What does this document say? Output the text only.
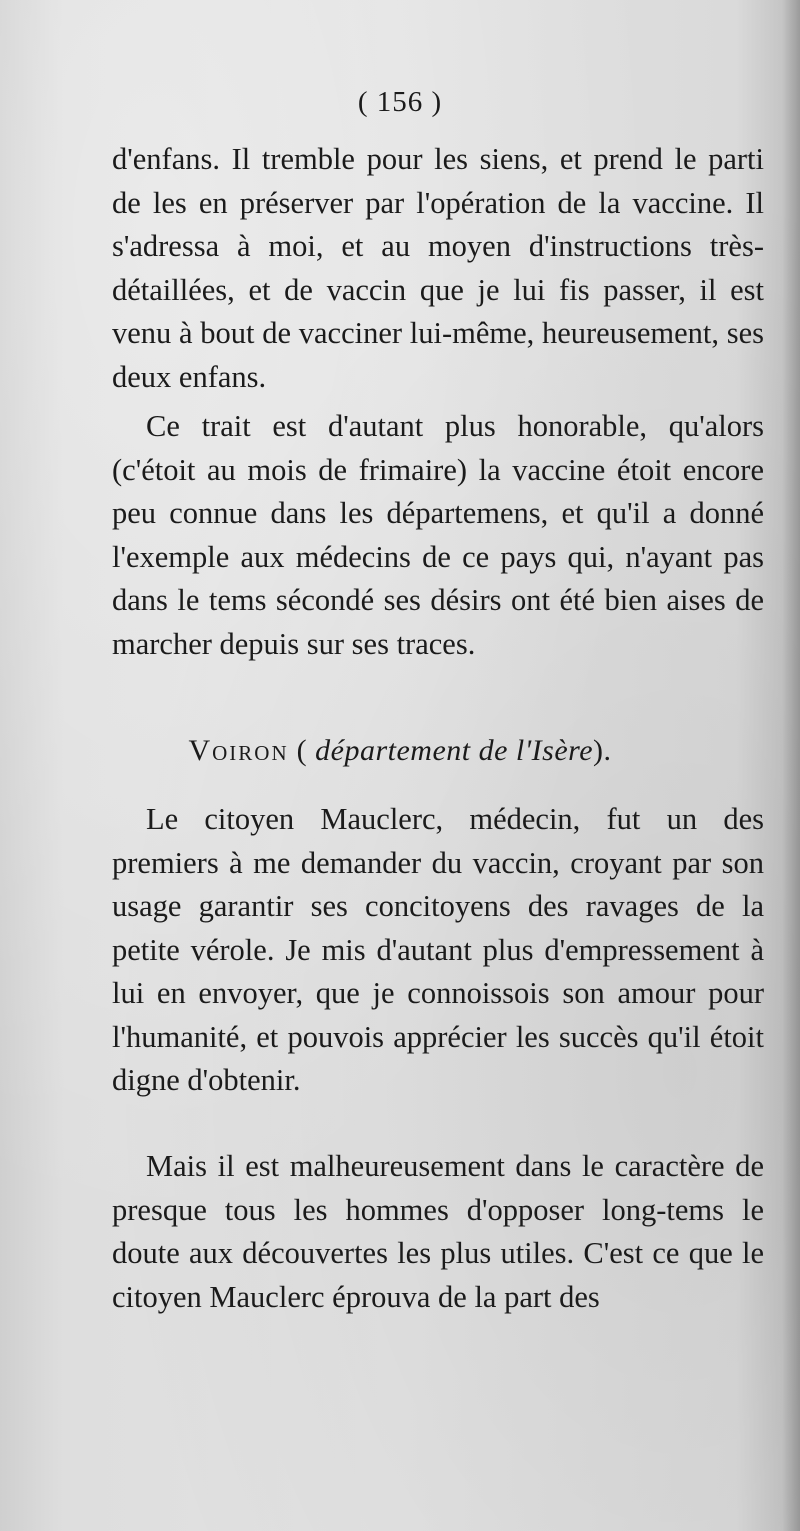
( 156 )

d'enfans. Il tremble pour les siens, et prend le parti de les en préserver par l'opération de la vaccine. Il s'adressa à moi, et au moyen d'instructions très-détaillées, et de vaccin que je lui fis passer, il est venu à bout de vacciner lui-même, heureusement, ses deux enfans.

Ce trait est d'autant plus honorable, qu'alors (c'étoit au mois de frimaire) la vaccine étoit encore peu connue dans les départemens, et qu'il a donné l'exemple aux médecins de ce pays qui, n'ayant pas dans le tems sécondé ses désirs ont été bien aises de marcher depuis sur ses traces.

Voiron ( département de l'Isère).

Le citoyen Mauclerc, médecin, fut un des premiers à me demander du vaccin, croyant par son usage garantir ses concitoyens des ravages de la petite vérole. Je mis d'autant plus d'empressement à lui en envoyer, que je connoissois son amour pour l'humanité, et pouvois apprécier les succès qu'il étoit digne d'obtenir.

Mais il est malheureusement dans le caractère de presque tous les hommes d'opposer long-tems le doute aux découvertes les plus utiles. C'est ce que le citoyen Mauclerc éprouva de la part des
